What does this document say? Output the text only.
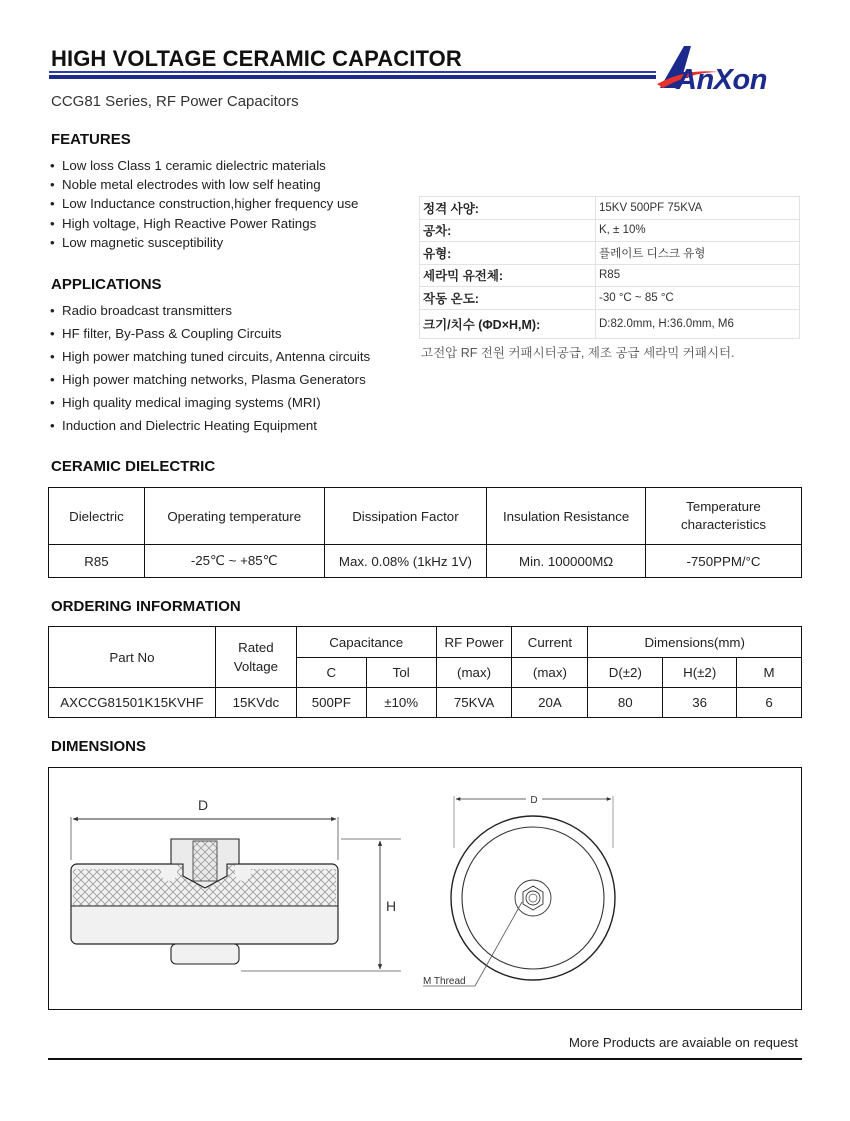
HIGH VOLTAGE CERAMIC CAPACITOR
AnXon
CCG81 Series, RF Power Capacitors
FEATURES
• Low loss Class 1 ceramic dielectric materials
• Noble metal electrodes with low self heating
• Low Inductance construction,higher frequency use
• High voltage, High Reactive Power Ratings
• Low magnetic susceptibility
APPLICATIONS
• Radio broadcast transmitters
• HF filter, By-Pass & Coupling Circuits
• High power matching tuned circuits, Antenna circuits
• High power matching networks, Plasma Generators
• High quality medical imaging systems (MRI)
• Induction and Dielectric Heating Equipment
정격 사양:	15KV 500PF 75KVA
공차:	K, ± 10%
유형:	플레이트 디스크 유형
세라믹 유전체:	R85
작동 온도:	-30 °C ~ 85 °C
크기/치수 (ΦD×H,M):	D:82.0mm, H:36.0mm, M6
고전압 RF 전원 커패시터공급, 제조 공급 세라믹 커패시터.
CERAMIC DIELECTRIC
Dielectric	Operating temperature	Dissipation Factor	Insulation Resistance	Temperature characteristics
R85	-25℃ ~ +85℃	Max. 0.08% (1kHz 1V)	Min. 100000MΩ	-750PPM/°C
ORDERING INFORMATION
Part No	Rated Voltage	Capacitance		RF Power	Current	Dimensions(mm)		
		C	Tol	(max)	(max)	D(±2)	H(±2)	M
AXCCG81501K15KVHF	15KVdc	500PF	±10%	75KVA	20A	80	36	6
DIMENSIONS
D
H
D
M Thread
More Products are avaiable on request
